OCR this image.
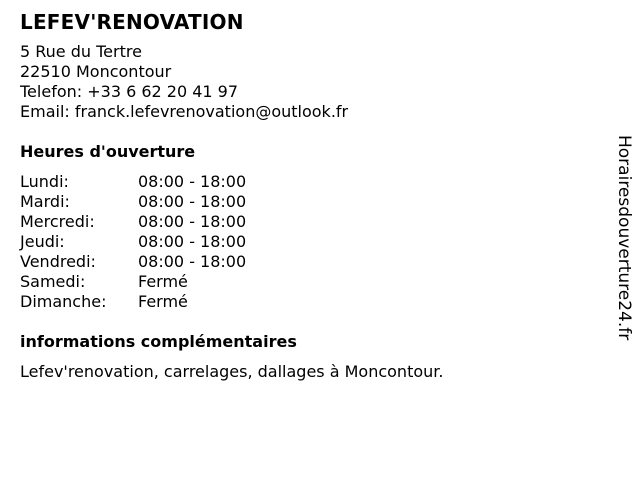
LEFEV'RENOVATION
5 Rue du Tertre
22510 Moncontour
Telefon: +33 6 62 20 41 97
Email: franck.lefevrenovation@outlook.fr
Heures d'ouverture
Lundi:	08:00 - 18:00
Mardi:	08:00 - 18:00
Mercredi:	08:00 - 18:00
Jeudi:	08:00 - 18:00
Vendredi:	08:00 - 18:00
Samedi:	Fermé
Dimanche:	Fermé
informations complémentaires
Lefev'renovation, carrelages, dallages à Moncontour.
Horairesdouverture24.fr
